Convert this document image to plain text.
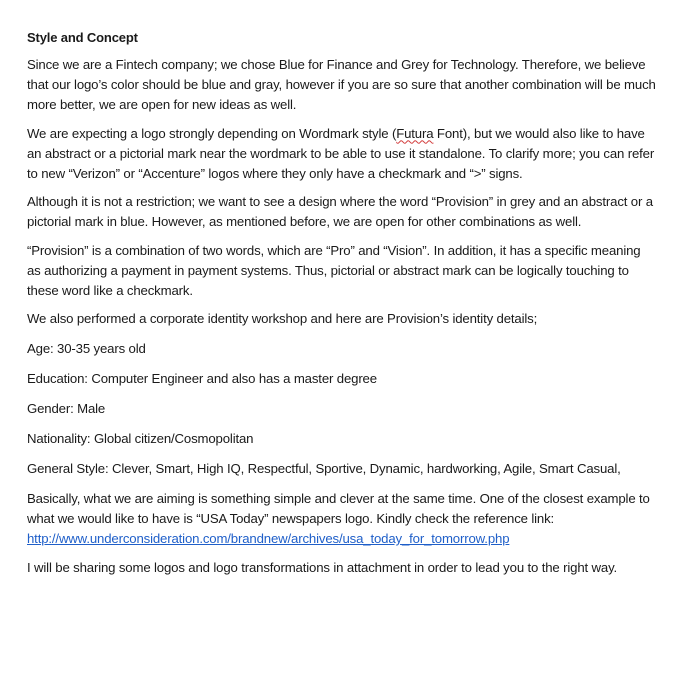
Style and Concept

Since we are a Fintech company; we chose Blue for Finance and Grey for Technology. Therefore, we believe that our logo’s color should be blue and gray, however if you are so sure that another combination will be much more better, we are open for new ideas as well.

We are expecting a logo strongly depending on Wordmark style (Futura Font), but we would also like to have an abstract or a pictorial mark near the wordmark to be able to use it standalone. To clarify more; you can refer to new “Verizon” or “Accenture” logos where they only have a checkmark and “>” signs.

Although it is not a restriction; we want to see a design where the word “Provision” in grey and an abstract or a pictorial mark in blue. However, as mentioned before, we are open for other combinations as well.

“Provision” is a combination of two words, which are “Pro” and “Vision”. In addition, it has a specific meaning as authorizing a payment in payment systems. Thus, pictorial or abstract mark can be logically touching to these word like a checkmark.

We also performed a corporate identity workshop and here are Provision’s identity details;

Age: 30-35 years old

Education: Computer Engineer and also has a master degree

Gender: Male

Nationality: Global citizen/Cosmopolitan

General Style: Clever, Smart, High IQ, Respectful, Sportive, Dynamic, hardworking, Agile, Smart Casual,

Basically, what we are aiming is something simple and clever at the same time. One of the closest example to what we would like to have is “USA Today” newspapers logo. Kindly check the reference link:
http://www.underconsideration.com/brandnew/archives/usa_today_for_tomorrow.php

I will be sharing some logos and logo transformations in attachment in order to lead you to the right way.
